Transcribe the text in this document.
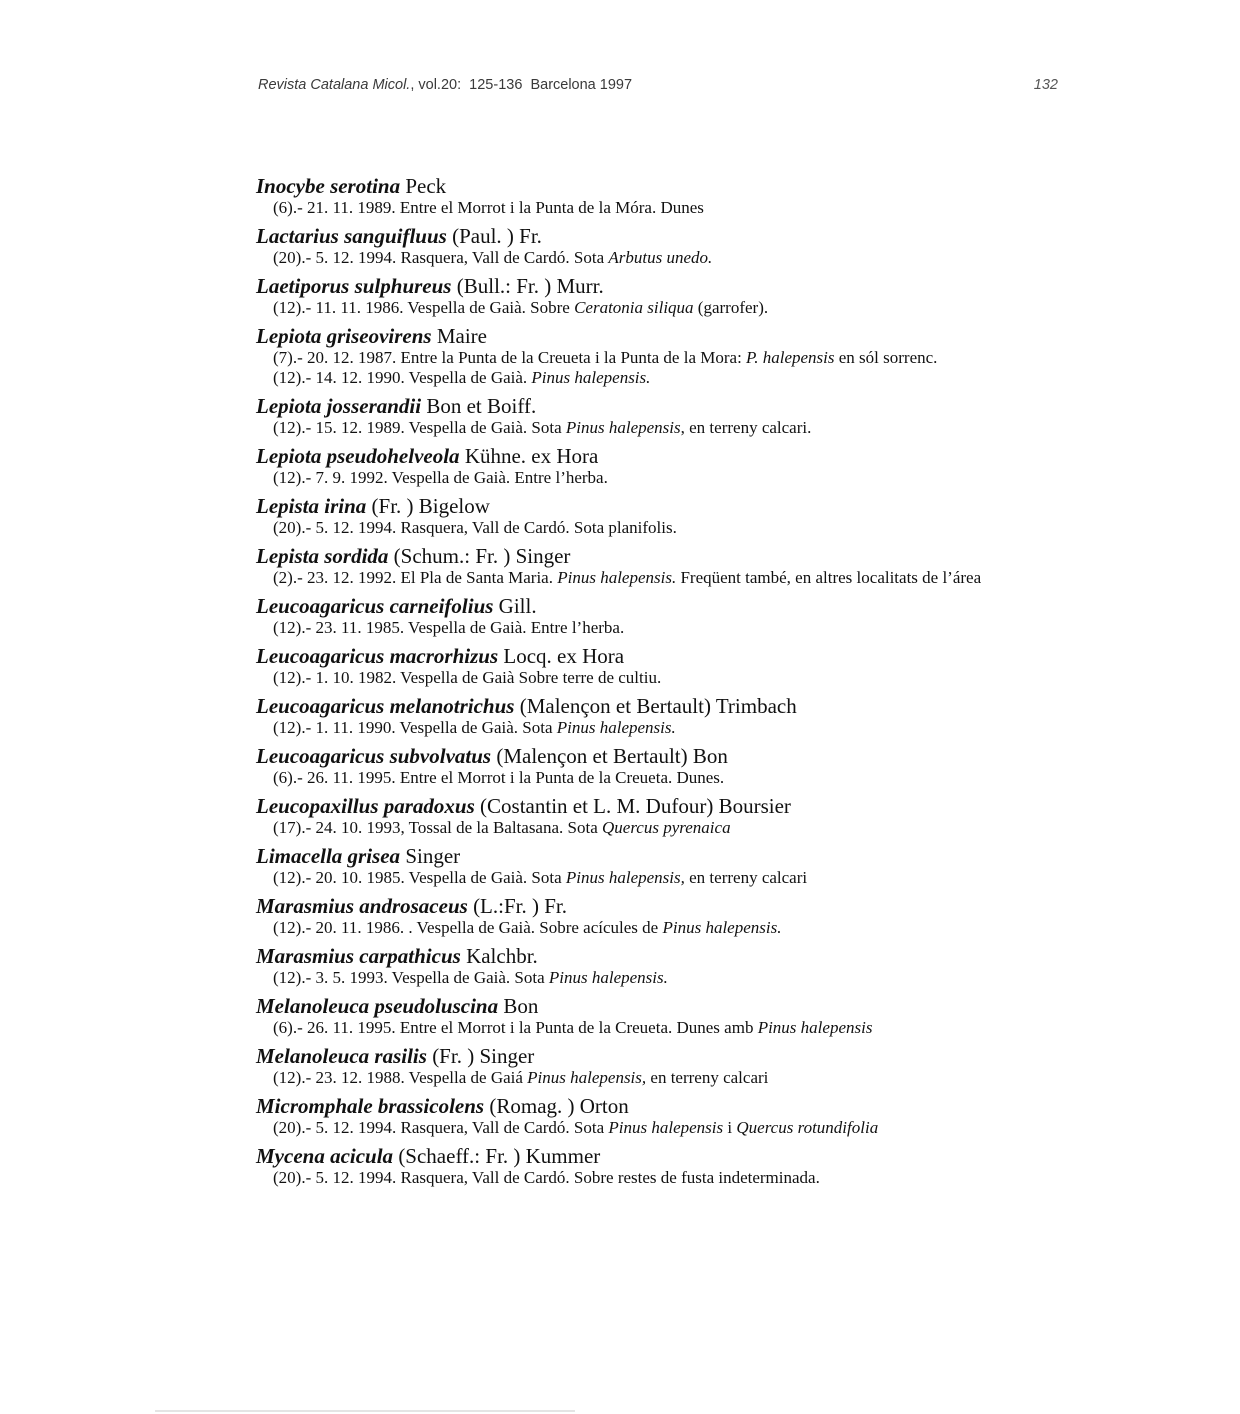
Revista Catalana Micol., vol.20: 125-136 Barcelona 1997	132
Inocybe serotina Peck
(6).- 21. 11. 1989. Entre el Morrot i la Punta de la Móra. Dunes
Lactarius sanguifluus (Paul. ) Fr.
(20).- 5. 12. 1994. Rasquera, Vall de Cardó. Sota Arbutus unedo.
Laetiporus sulphureus (Bull.: Fr. ) Murr.
(12).- 11. 11. 1986. Vespella de Gaià. Sobre Ceratonia siliqua (garrofer).
Lepiota griseovirens Maire
(7).- 20. 12. 1987. Entre la Punta de la Creueta i la Punta de la Mora: P. halepensis en sól sorrenc.
(12).- 14. 12. 1990. Vespella de Gaià. Pinus halepensis.
Lepiota josserandii Bon et Boiff.
(12).- 15. 12. 1989. Vespella de Gaià. Sota Pinus halepensis, en terreny calcari.
Lepiota pseudohelveola Kühne. ex Hora
(12).- 7. 9. 1992. Vespella de Gaià. Entre l’herba.
Lepista irina (Fr. ) Bigelow
(20).- 5. 12. 1994. Rasquera, Vall de Cardó. Sota planifolis.
Lepista sordida (Schum.: Fr. ) Singer
(2).- 23. 12. 1992. El Pla de Santa Maria. Pinus halepensis. Freqüent també, en altres localitats de l’área
Leucoagaricus carneifolius Gill.
(12).- 23. 11. 1985. Vespella de Gaià. Entre l’herba.
Leucoagaricus macrorhizus Locq. ex Hora
(12).- 1. 10. 1982. Vespella de Gaià Sobre terre de cultiu.
Leucoagaricus melanotrichus (Malençon et Bertault) Trimbach
(12).- 1. 11. 1990. Vespella de Gaià. Sota Pinus halepensis.
Leucoagaricus subvolvatus (Malençon et Bertault) Bon
(6).- 26. 11. 1995. Entre el Morrot i la Punta de la Creueta. Dunes.
Leucopaxillus paradoxus (Costantin et L. M. Dufour) Boursier
(17).- 24. 10. 1993, Tossal de la Baltasana. Sota Quercus pyrenaica
Limacella grisea Singer
(12).- 20. 10. 1985. Vespella de Gaià. Sota Pinus halepensis, en terreny calcari
Marasmius androsaceus (L.:Fr. ) Fr.
(12).- 20. 11. 1986. . Vespella de Gaià. Sobre acícules de Pinus halepensis.
Marasmius carpathicus Kalchbr.
(12).- 3. 5. 1993. Vespella de Gaià. Sota Pinus halepensis.
Melanoleuca pseudoluscina Bon
(6).- 26. 11. 1995. Entre el Morrot i la Punta de la Creueta. Dunes amb Pinus halepensis
Melanoleuca rasilis (Fr. ) Singer
(12).- 23. 12. 1988. Vespella de Gaiá Pinus halepensis, en terreny calcari
Micromphale brassicolens (Romag. ) Orton
(20).- 5. 12. 1994. Rasquera, Vall de Cardó. Sota Pinus halepensis i Quercus rotundifolia
Mycena acicula (Schaeff.: Fr. ) Kummer
(20).- 5. 12. 1994. Rasquera, Vall de Cardó. Sobre restes de fusta indeterminada.
